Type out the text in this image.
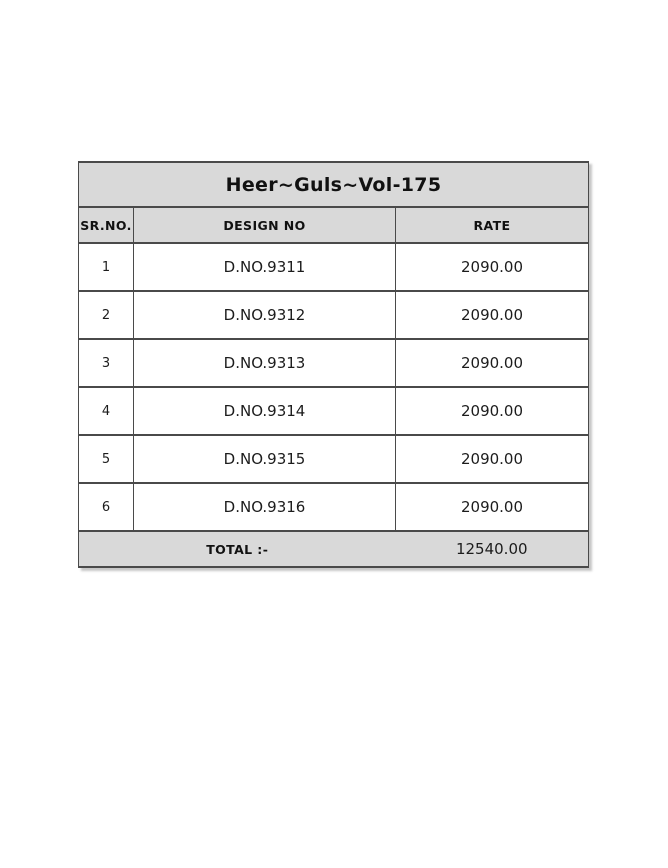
Heer~Guls~Vol-175		
SR.NO.	DESIGN NO	RATE
1	D.NO.9311	2090.00
2	D.NO.9312	2090.00
3	D.NO.9313	2090.00
4	D.NO.9314	2090.00
5	D.NO.9315	2090.00
6	D.NO.9316	2090.00
TOTAL :-		12540.00
